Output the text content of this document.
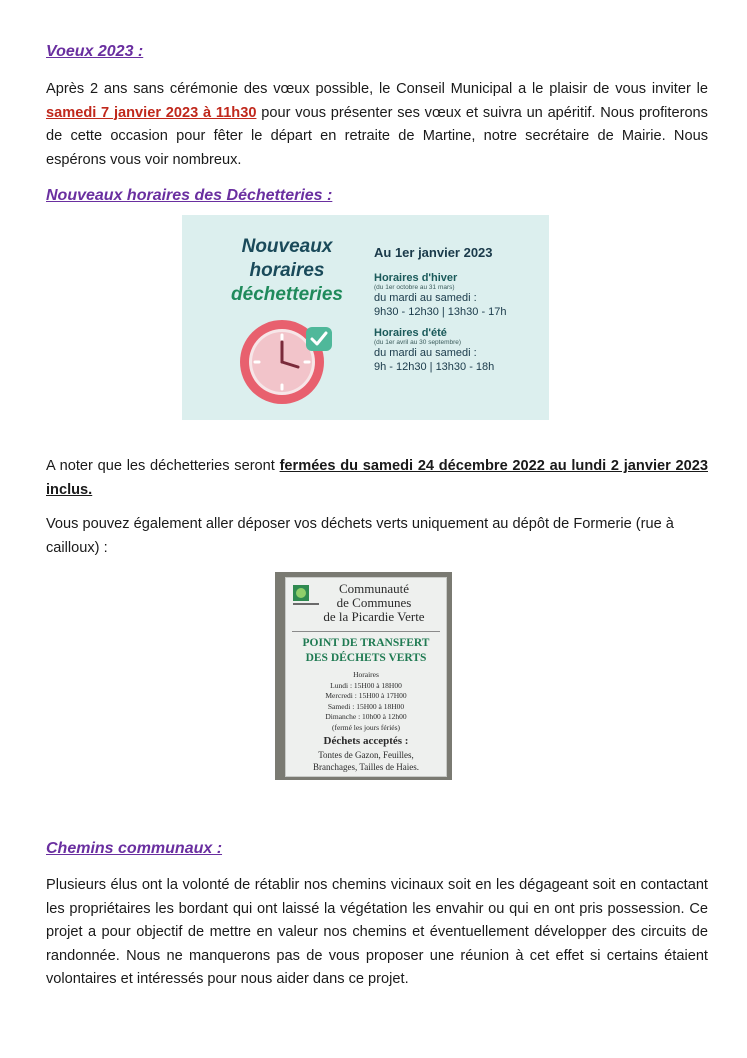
Voeux 2023 :

Après 2 ans sans cérémonie des vœux possible, le Conseil Municipal a le plaisir de vous inviter le samedi 7 janvier 2023 à 11h30 pour vous présenter ses vœux et suivra un apéritif. Nous profiterons de cette occasion pour fêter le départ en retraite de Martine, notre secrétaire de Mairie. Nous espérons vous voir nombreux.

Nouveaux horaires des Déchetteries :
Nouveaux
horaires
déchetteries
Au 1er janvier 2023
Horaires d'hiver
(du 1er octobre au 31 mars)
du mardi au samedi :
9h30 - 12h30 | 13h30 - 17h
Horaires d'été
(du 1er avril au 30 septembre)
du mardi au samedi :
9h - 12h30 | 13h30 - 18h

A noter que les déchetteries seront fermées du samedi 24 décembre 2022 au lundi 2 janvier 2023 inclus.

Vous pouvez également aller déposer vos déchets verts uniquement au dépôt de Formerie (rue à cailloux) :

Communauté
de Communes
de la Picardie Verte
POINT DE TRANSFERT
DES DÉCHETS VERTS
Horaires
Lundi : 15H00 à 18H00
Mercredi : 15H00 à 17H00
Samedi : 15H00 à 18H00
Dimanche : 10h00 à 12h00
(fermé les jours fériés)
Déchets acceptés :
Tontes de Gazon, Feuilles,
Branchages, Tailles de Haies.
Chemins communaux :

Plusieurs élus ont la volonté de rétablir nos chemins vicinaux soit en les dégageant soit en contactant les propriétaires les bordant qui ont laissé la végétation les envahir ou qui en ont pris possession. Ce projet a pour objectif de mettre en valeur nos chemins et éventuellement développer des circuits de randonnée. Nous ne manquerons pas de vous proposer une réunion à cet effet si certains étaient volontaires et intéressés pour nous aider dans ce projet.
